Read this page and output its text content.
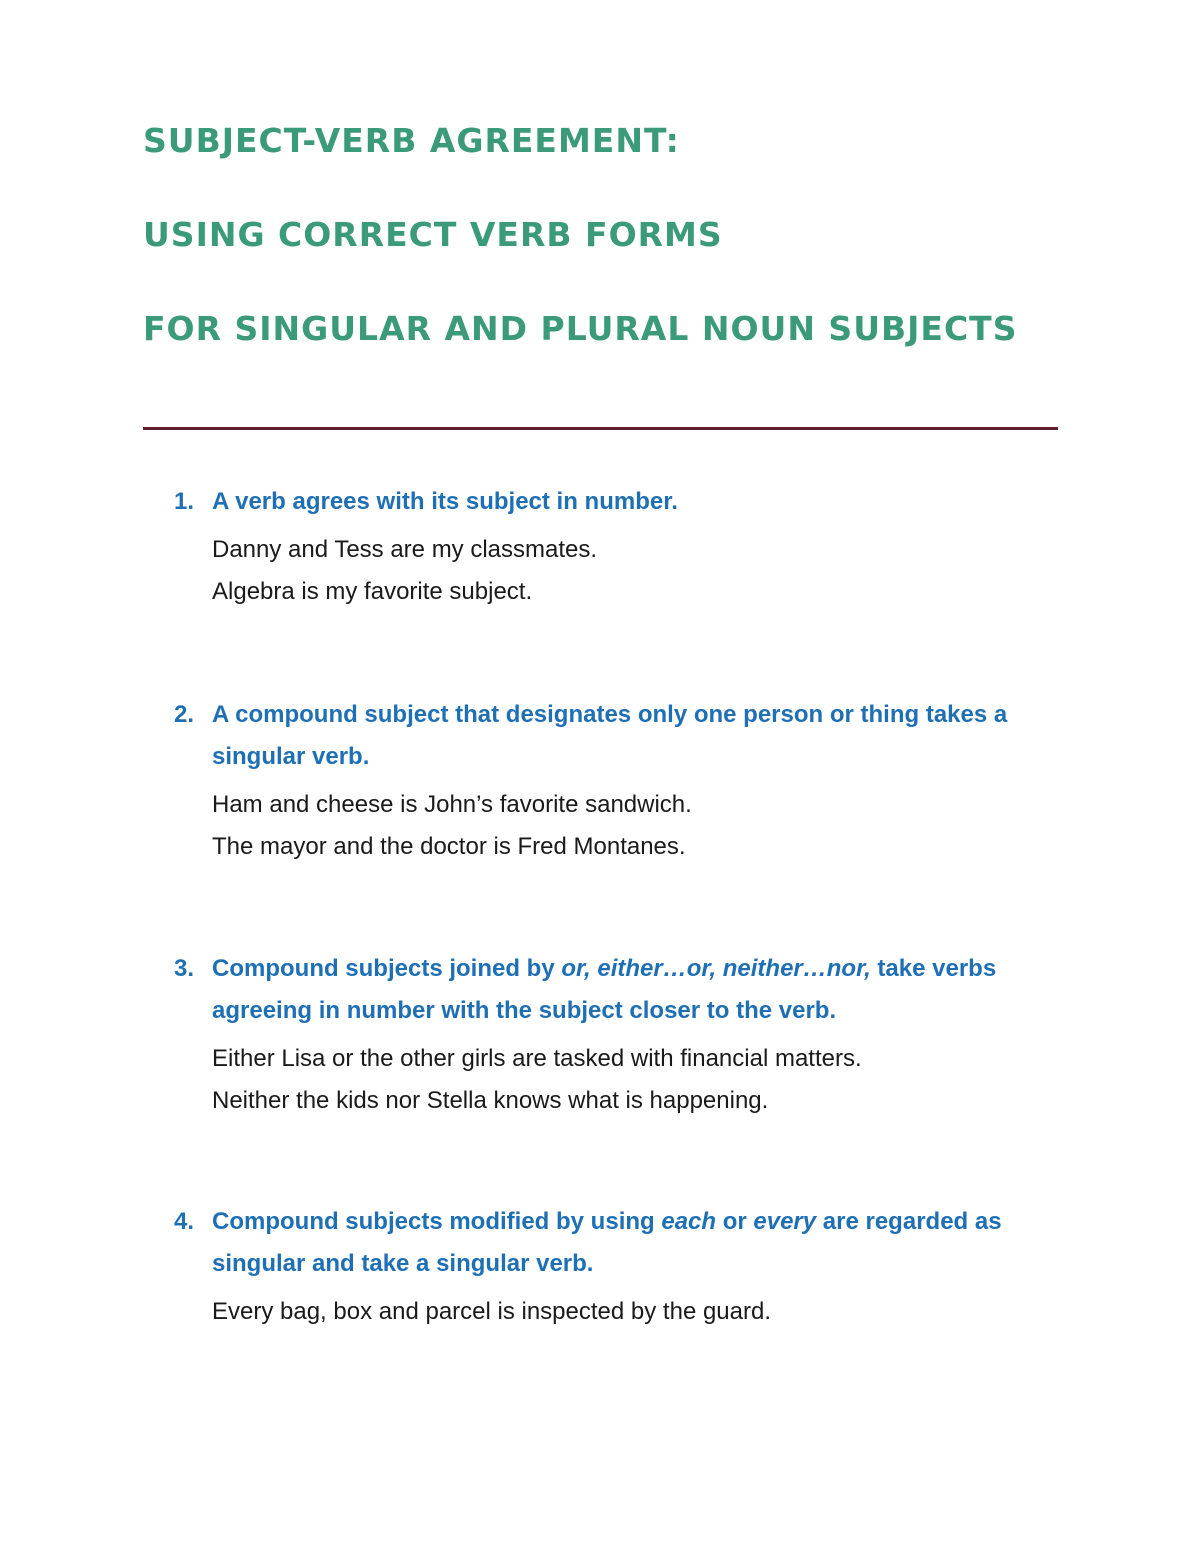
SUBJECT-VERB AGREEMENT:
USING CORRECT VERB FORMS
FOR SINGULAR AND PLURAL NOUN SUBJECTS
1. A verb agrees with its subject in number.

Danny and Tess are my classmates.

Algebra is my favorite subject.

2. A compound subject that designates only one person or thing takes a singular verb.

Ham and cheese is John’s favorite sandwich.

The mayor and the doctor is Fred Montanes.

3. Compound subjects joined by or, either…or, neither…nor, take verbs agreeing in number with the subject closer to the verb.

Either Lisa or the other girls are tasked with financial matters.

Neither the kids nor Stella knows what is happening.

4. Compound subjects modified by using each or every are regarded as singular and take a singular verb.

Every bag, box and parcel is inspected by the guard.
